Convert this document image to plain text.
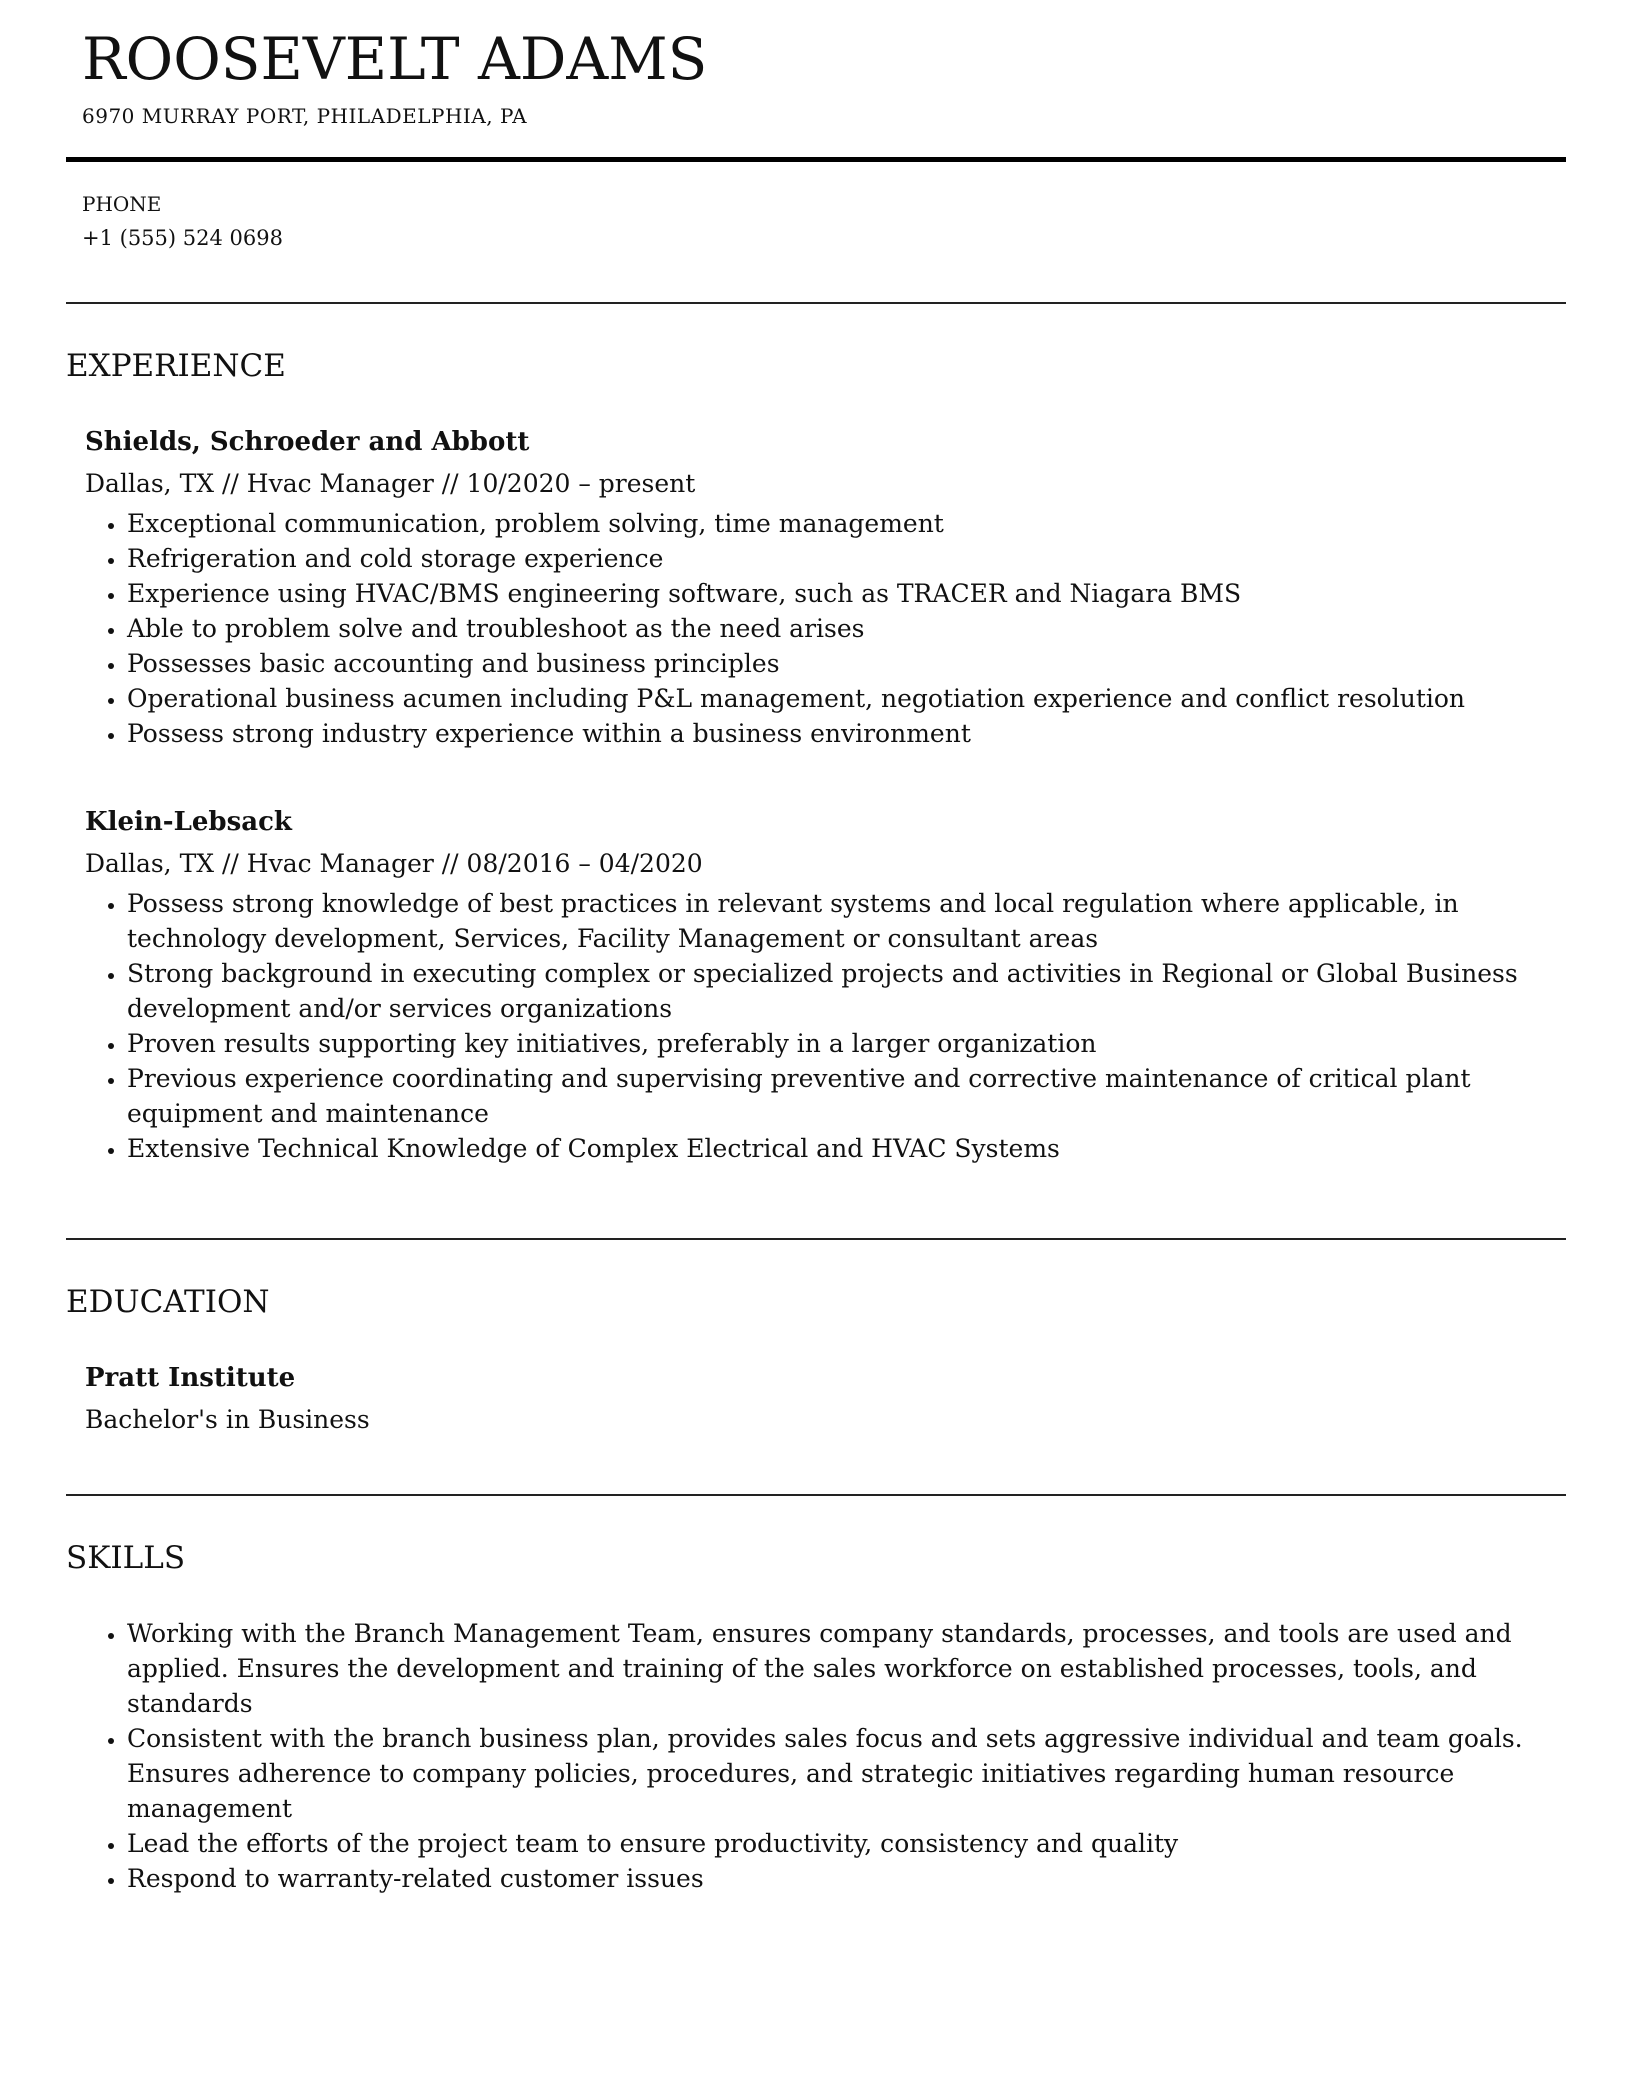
ROOSEVELT ADAMS
6970 MURRAY PORT, PHILADELPHIA, PA
PHONE
+1 (555) 524 0698
EXPERIENCE
Shields, Schroeder and Abbott
Dallas, TX // Hvac Manager // 10/2020 – present
• Exceptional communication, problem solving, time management
• Refrigeration and cold storage experience
• Experience using HVAC/BMS engineering software, such as TRACER and Niagara BMS
• Able to problem solve and troubleshoot as the need arises
• Possesses basic accounting and business principles
• Operational business acumen including P&L management, negotiation experience and conflict resolution
• Possess strong industry experience within a business environment
Klein-Lebsack
Dallas, TX // Hvac Manager // 08/2016 – 04/2020
• Possess strong knowledge of best practices in relevant systems and local regulation where applicable, in technology development, Services, Facility Management or consultant areas
• Strong background in executing complex or specialized projects and activities in Regional or Global Business development and/or services organizations
• Proven results supporting key initiatives, preferably in a larger organization
• Previous experience coordinating and supervising preventive and corrective maintenance of critical plant equipment and maintenance
• Extensive Technical Knowledge of Complex Electrical and HVAC Systems
EDUCATION
Pratt Institute
Bachelor's in Business
SKILLS
• Working with the Branch Management Team, ensures company standards, processes, and tools are used and applied. Ensures the development and training of the sales workforce on established processes, tools, and standards
• Consistent with the branch business plan, provides sales focus and sets aggressive individual and team goals. Ensures adherence to company policies, procedures, and strategic initiatives regarding human resource management
• Lead the efforts of the project team to ensure productivity, consistency and quality
• Respond to warranty-related customer issues
